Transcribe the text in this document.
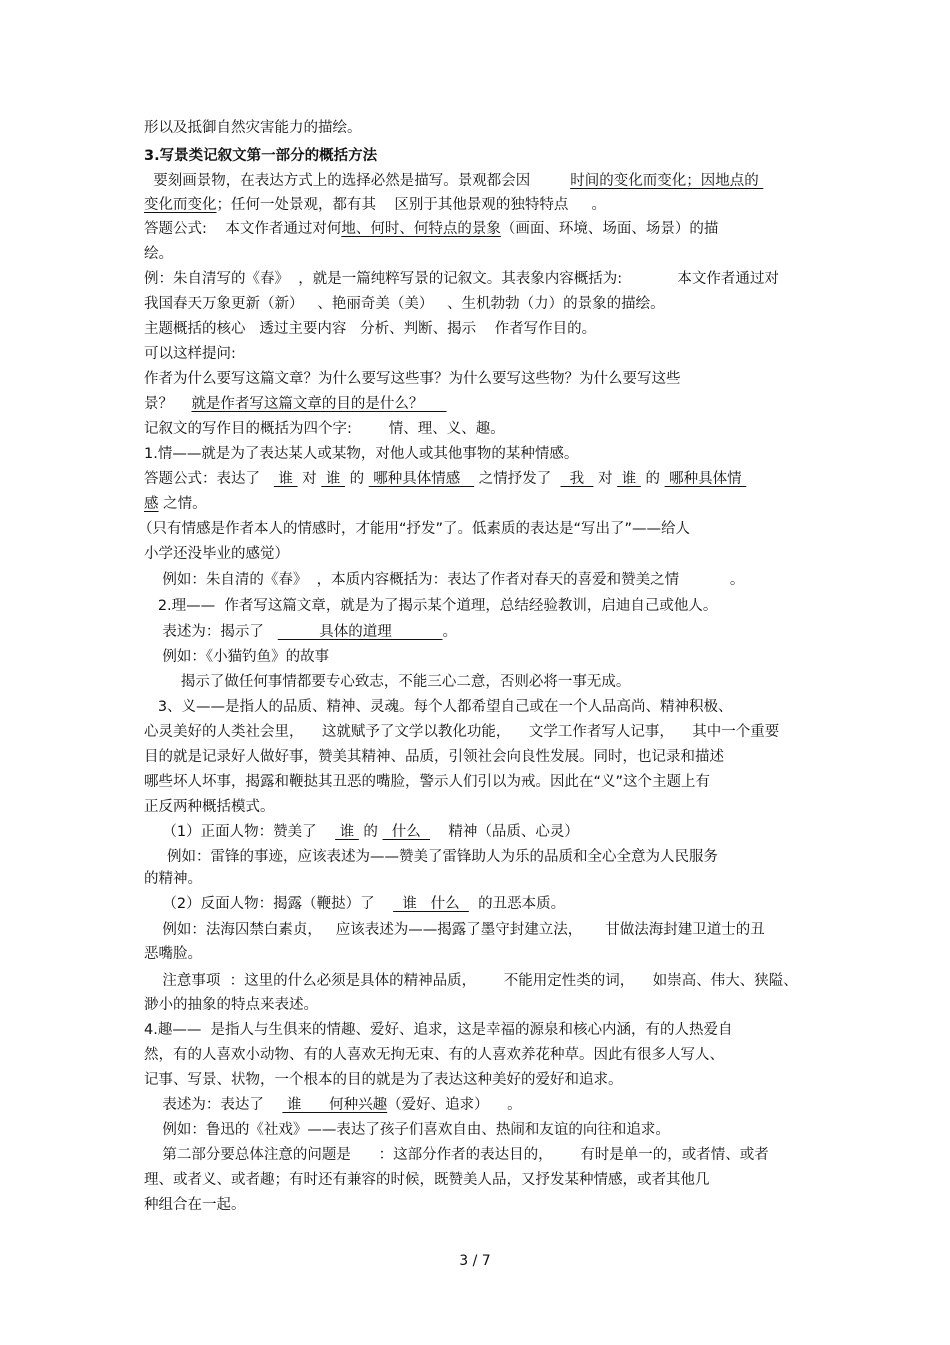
形以及抵御自然灾害能力的描绘。
3.写景类记叙文第一部分的概括方法
要刻画景物，在表达方式上的选择必然是描写。景观都会因	时间的变化而变化；因地点的
变化而变化；任何一处景观，都有其    区别于其他景观的独特特点     。
答题公式:    本文作者通过对何地、何时、何特点的景象（画面、环境、场面、场景）的描
绘。
例：朱自清写的《春》  ，就是一篇纯粹写景的记叙文。其表象内容概括为:            本文作者通过对
我国春天万象更新（新）   、艳丽奇美（美）   、生机勃勃（力）的景象的描绘。
主题概括的核心   透过主要内容   分析、判断、揭示    作者写作目的。
可以这样提问:
作者为什么要写这篇文章？为什么要写这些事？为什么要写这些物？为什么要写这些
景？    就是作者写这篇文章的目的是什么？
记叙文的写作目的概括为四个字:        情、理、义、趣。
1.情——就是为了表达某人或某物，对他人或其他事物的某种情感。
答题公式：表达了    谁  对  谁  的  哪种具体情感    之情抒发了    我   对  谁  的  哪种具体情
感 之情。
（只有情感是作者本人的情感时，才能用“抒发”了。低素质的表达是“写出了”——给人
小学还没毕业的感觉）
例如：朱自清的《春》  ，本质内容概括为：表达了作者对春天的喜爱和赞美之情           。
2.理——  作者写这篇文章，就是为了揭示某个道理，总结经验教训，启迪自己或他人。
表述为：揭示了            具体的道理           。
例如：《小猫钓鱼》的故事
揭示了做任何事情都要专心致志，不能三心二意，否则必将一事无成。
3、义——是指人的品质、精神、灵魂。每个人都希望自己或在一个人品高尚、精神积极、
心灵美好的人类社会里，    这就赋予了文学以教化功能，    文学工作者写人记事，    其中一个重要
目的就是记录好人做好事，赞美其精神、品质，引领社会向良性发展。同时，也记录和描述
哪些坏人坏事，揭露和鞭挞其丑恶的嘴脸，警示人们引以为戒。因此在“义”这个主题上有
正反两种概括模式。
（1）正面人物：赞美了     谁  的   什么      精神（品质、心灵）
例如：雷锋的事迹，应该表述为——赞美了雷锋助人为乐的品质和全心全意为人民服务
的精神。
（2）反面人物：揭露（鞭挞）了      谁   什么    的丑恶本质。
例如：法海囚禁白素贞，   应该表述为——揭露了墨守封建立法，     甘做法海封建卫道士的丑
恶嘴脸。
注意事项  ：这里的什么必须是具体的精神品质，      不能用定性类的词，    如崇高、伟大、狭隘、
渺小的抽象的特点来表述。
4.趣——  是指人与生俱来的情趣、爱好、追求，这是幸福的源泉和核心内涵，有的人热爱自
然，有的人喜欢小动物、有的人喜欢无拘无束、有的人喜欢养花种草。因此有很多人写人、
记事、写景、状物，一个根本的目的就是为了表达这种美好的爱好和追求。
表述为：表达了     谁      何种兴趣（爱好、追求）    。
例如：鲁迅的《社戏》——表达了孩子们喜欢自由、热闹和友谊的向往和追求。
第二部分要总体注意的问题是      ：这部分作者的表达目的，      有时是单一的，或者情、或者
理、或者义、或者趣；有时还有兼容的时候，既赞美人品，又抒发某种情感，或者其他几
种组合在一起。
3 / 7
